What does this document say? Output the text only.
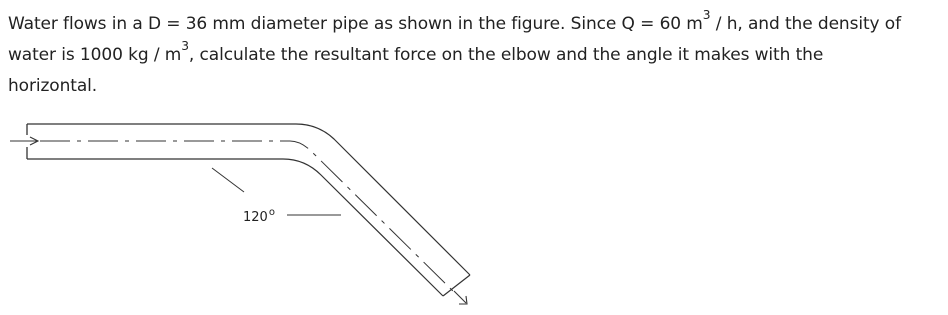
Water flows in a D = 36 mm diameter pipe as shown in the figure. Since Q = 60 $m^3$ / h, and the density of
water is 1000 kg / $m^3$, calculate the resultant force on the elbow and the angle it makes with the
horizontal.
120$^o$
